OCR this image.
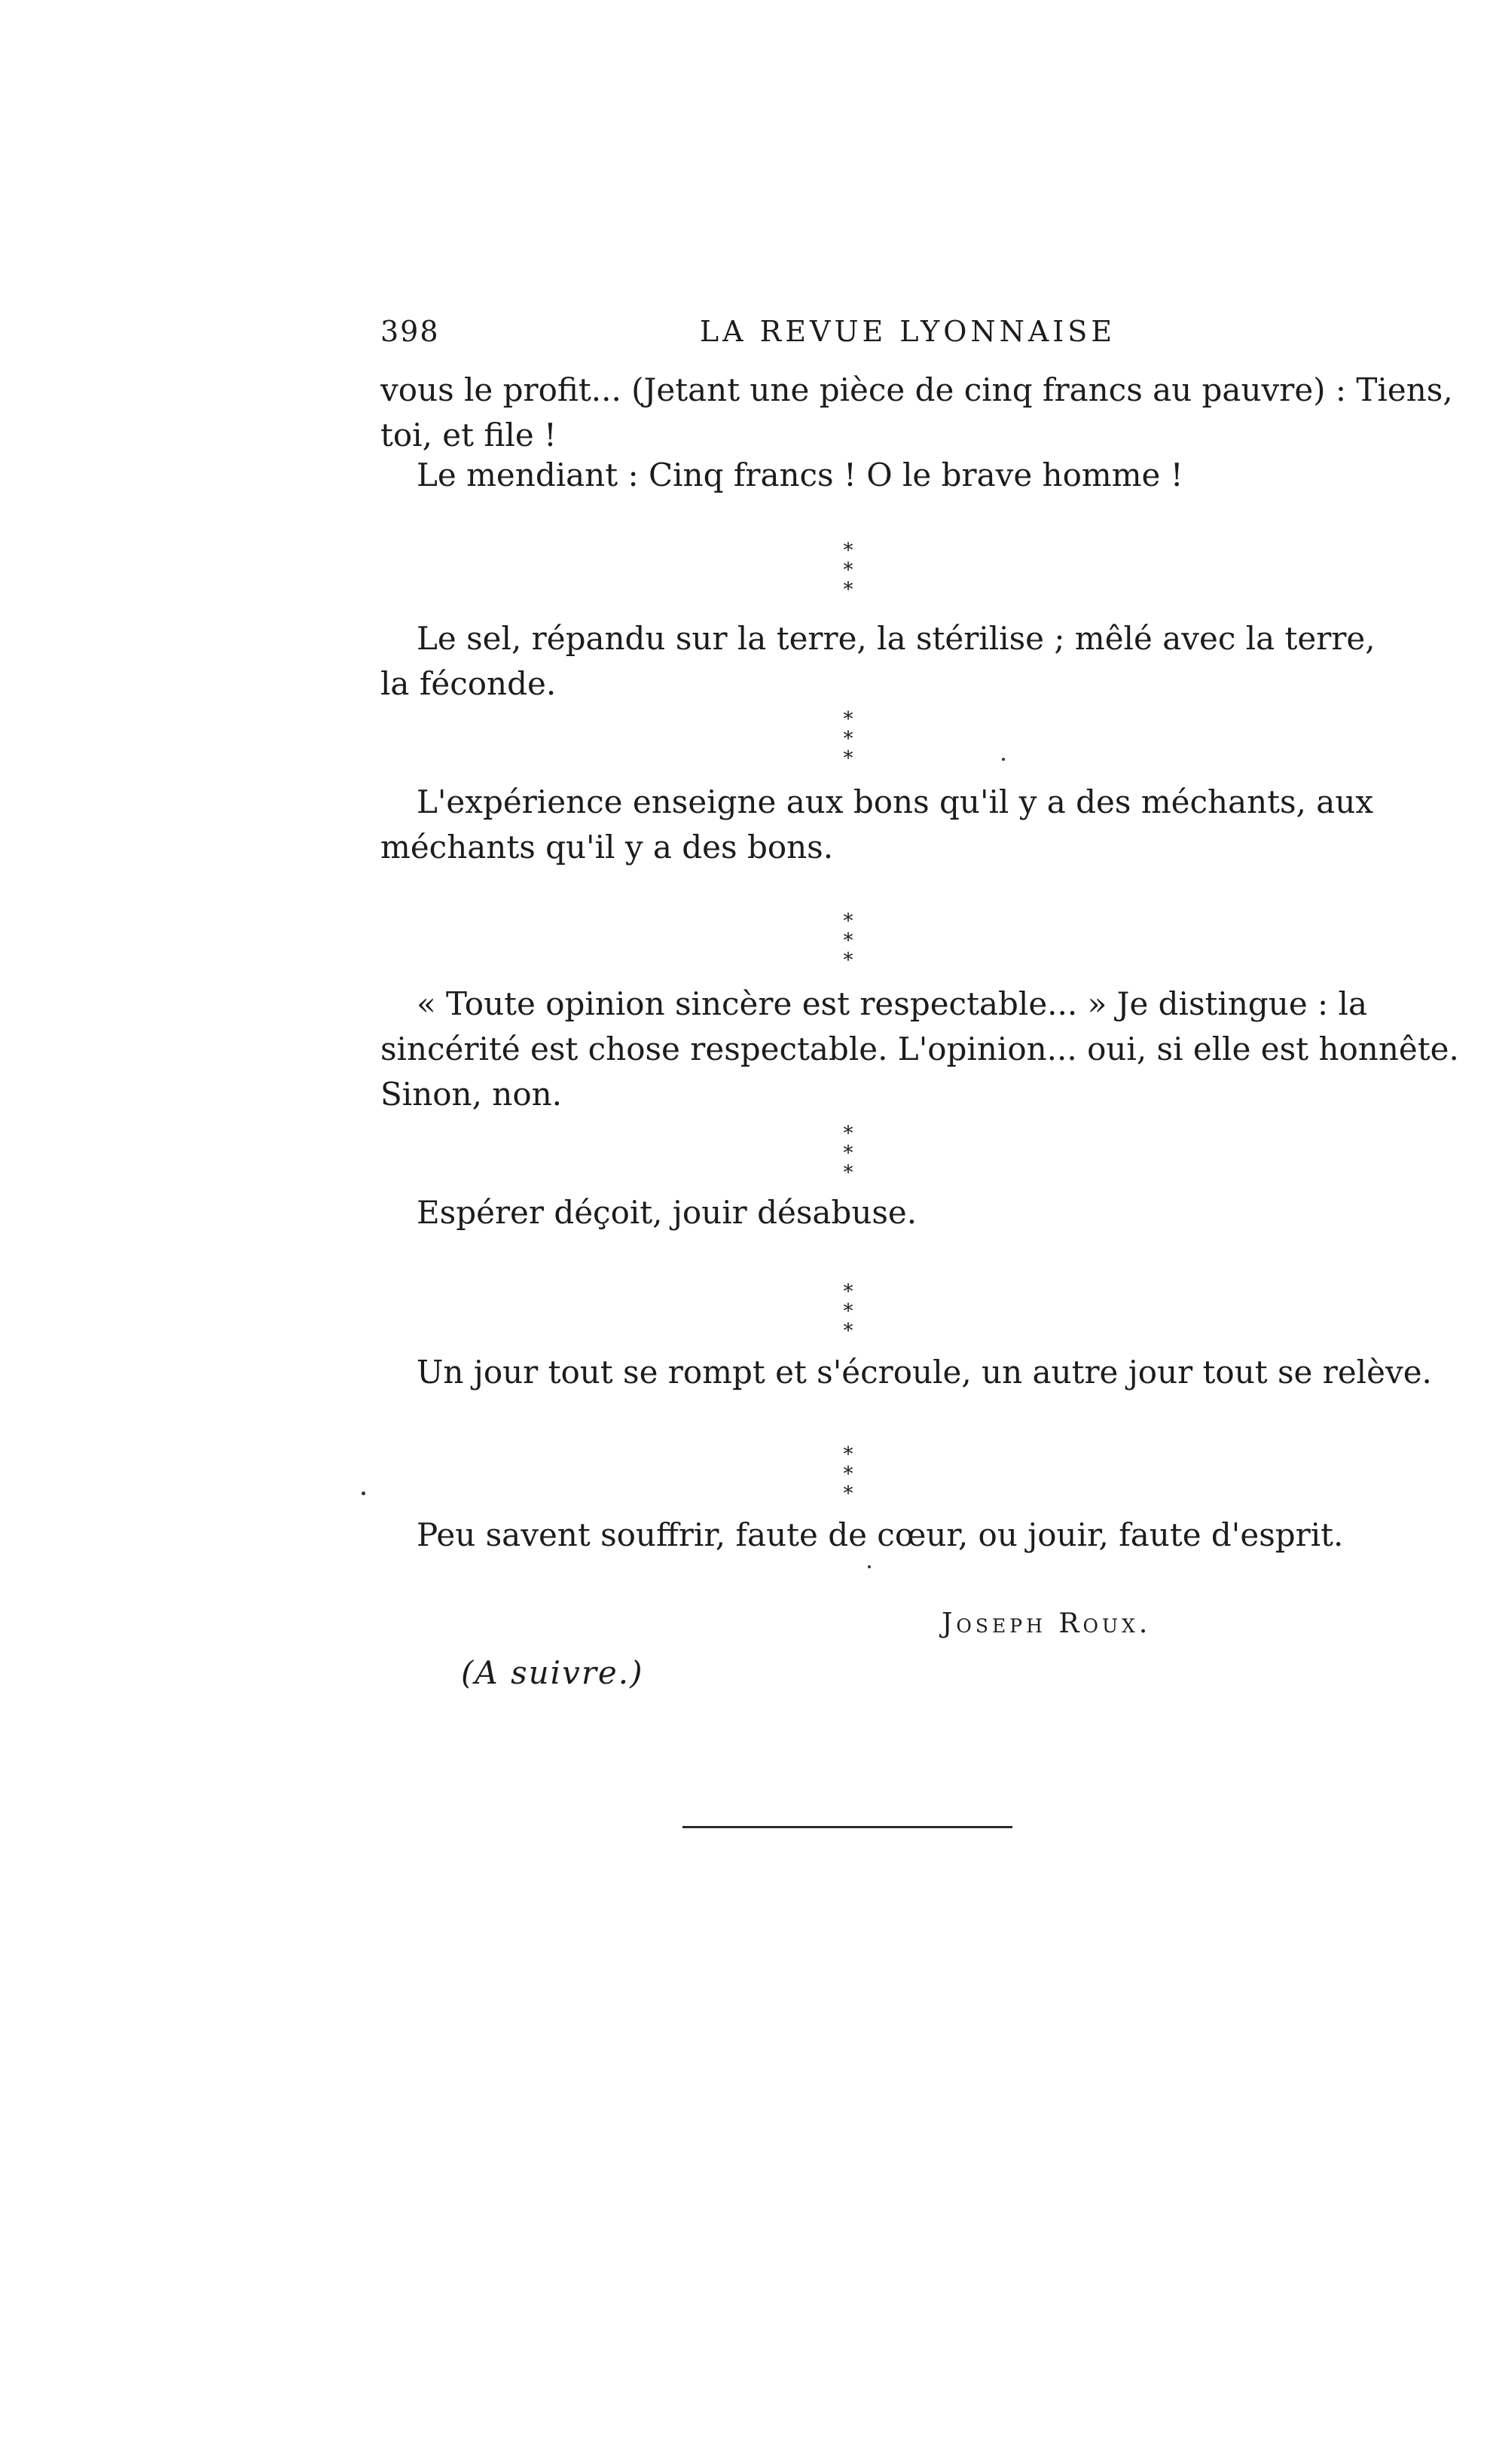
398	LA REVUE LYONNAISE
vous le profit... (Jetant une pièce de cinq francs au pauvre) : Tiens,
toi, et file !
Le mendiant : Cinq francs ! O le brave homme !
*
* *
Le sel, répandu sur la terre, la stérilise ; mêlé avec la terre,
la féconde.
*
* *
L'expérience enseigne aux bons qu'il y a des méchants, aux
méchants qu'il y a des bons.
*
* *
« Toute opinion sincère est respectable... » Je distingue : la
sincérité est chose respectable. L'opinion... oui, si elle est honnête.
Sinon, non.
*
* *
Espérer déçoit, jouir désabuse.
*
* *
Un jour tout se rompt et s'écroule, un autre jour tout se relève.
*
* *
Peu savent souffrir, faute de cœur, ou jouir, faute d'esprit.
Joseph Roux.
(A suivre.)
